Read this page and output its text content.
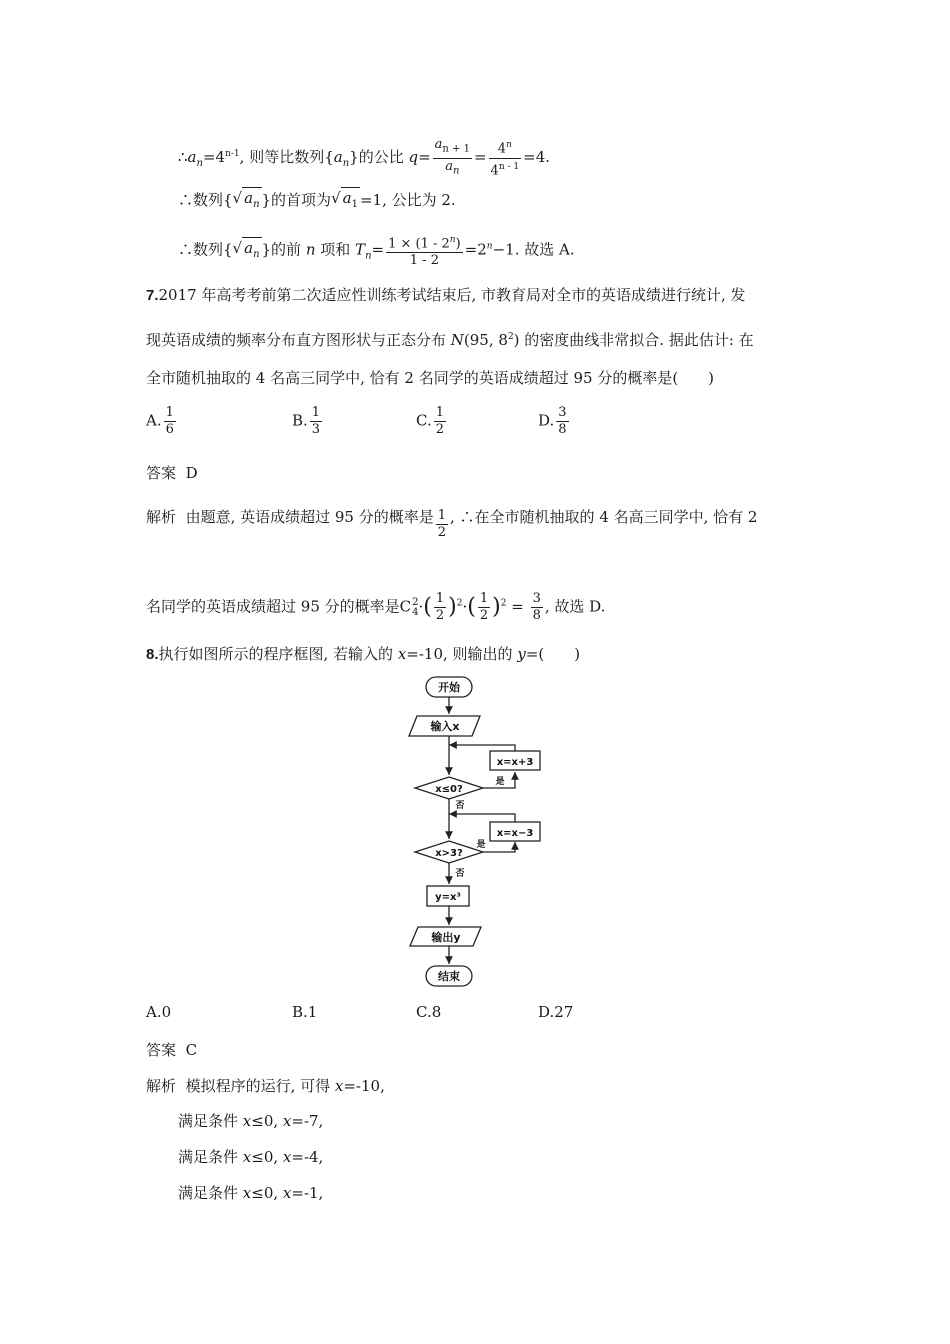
$\therefore a_n=4^{n-1}$, 则等比数列$\{a_n\}$的公比 $q= \frac{a_{n + 1}}{a_n} = \frac{4^n}{4^{n - 1}} =4$.
∴数列{√ $a_n$ }的首项为√ $a_1 =1$, 公比为 2.
∴数列{√ $a_n$ }的前 n 项和 $T_n= \frac{1 \times (1 - 2^n)}{1 - 2} =2^n-1$. 故选 A.
7.2017 年高考考前第二次适应性训练考试结束后, 市教育局对全市的英语成绩进行统计, 发
现英语成绩的频率分布直方图形状与正态分布 N(95, $8^2$) 的密度曲线非常拟合. 据此估计: 在
全市随机抽取的 4 名高三同学中, 恰有 2 名同学的英语成绩超过 95 分的概率是(　　)
A. $\frac{1}{6}$	B. $\frac{1}{3}$	C. $\frac{1}{2}$	D. $\frac{3}{8}$
答案 D
解析 由题意, 英语成绩超过 95 分的概率是 $\frac{1}{2}$ , ∴在全市随机抽取的 4 名高三同学中, 恰有 2
名同学的英语成绩超过 95 分的概率是C 2
4 ·( $\frac{1}{2} )^2\cdot( \frac{1}{2} )^2 = \frac{3}{8}$ , 故选 D.
8.执行如图所示的程序框图, 若输入的 x=-10, 则输出的 y=(　　)
开始
输入x
x≤0?
x=x+3
是
否
x>3?
x=x−3
是
否
y=x³
输出y
结束
A.0	B.1	C.8	D.27
答案 C
解析 模拟程序的运行, 可得 x=-10,
满足条件 x≤0, x=-7,
满足条件 x≤0, x=-4,
满足条件 x≤0, x=-1,
